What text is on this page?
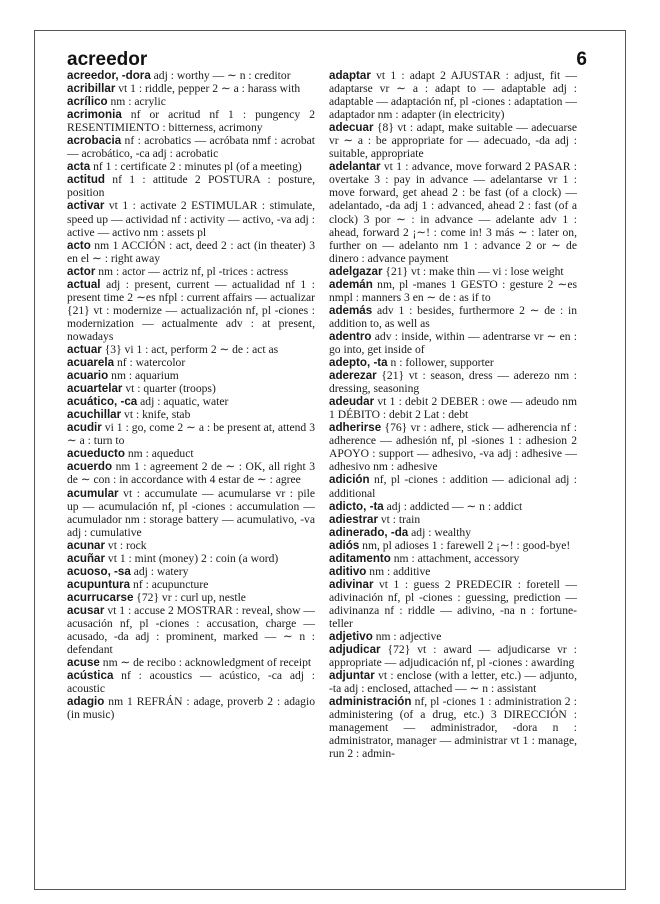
acreedor	6

acreedor, -dora adj : worthy — ∼ n : creditor

acribillar vt 1 : riddle, pepper 2 ∼ a : harass with

acrílico nm : acrylic

acrimonia nf or acritud nf 1 : pungency 2 RESENTIMIENTO : bitterness, acrimony

acrobacia nf : acrobatics — acróbata nmf : acrobat — acrobático, -ca adj : acrobatic

acta nf 1 : certificate 2 : minutes pl (of a meeting)

actitud nf 1 : attitude 2 POSTURA : posture, position

activar vt 1 : activate 2 ESTIMULAR : stimulate, speed up — actividad nf : activity — activo, -va adj : active — activo nm : assets pl

acto nm 1 ACCIÓN : act, deed 2 : act (in theater) 3 en el ∼ : right away

actor nm : actor — actriz nf, pl -trices : actress

actual adj : present, current — actualidad nf 1 : present time 2 ∼es nfpl : current affairs — actualizar {21} vt : modernize — actualización nf, pl -ciones : modernization — actualmente adv : at present, nowadays

actuar {3} vi 1 : act, perform 2 ∼ de : act as

acuarela nf : watercolor

acuario nm : aquarium

acuartelar vt : quarter (troops)

acuático, -ca adj : aquatic, water

acuchillar vt : knife, stab

acudir vi 1 : go, come 2 ∼ a : be present at, attend 3 ∼ a : turn to

acueducto nm : aqueduct

acuerdo nm 1 : agreement 2 de ∼ : OK, all right 3 de ∼ con : in accordance with 4 estar de ∼ : agree

acumular vt : accumulate — acumularse vr : pile up — acumulación nf, pl -ciones : accumulation — acumulador nm : storage battery — acumulativo, -va adj : cumulative

acunar vt : rock

acuñar vt 1 : mint (money) 2 : coin (a word)

acuoso, -sa adj : watery

acupuntura nf : acupuncture

acurrucarse {72} vr : curl up, nestle

acusar vt 1 : accuse 2 MOSTRAR : reveal, show — acusación nf, pl -ciones : accusation, charge — acusado, -da adj : prominent, marked — ∼ n : defendant

acuse nm ∼ de recibo : acknowledgment of receipt

acústica nf : acoustics — acústico, -ca adj : acoustic

adagio nm 1 REFRÁN : adage, proverb 2 : adagio (in music)

adaptar vt 1 : adapt 2 AJUSTAR : adjust, fit — adaptarse vr ∼ a : adapt to — adaptable adj : adaptable — adaptación nf, pl -ciones : adaptation — adaptador nm : adapter (in electricity)

adecuar {8} vt : adapt, make suitable — adecuarse vr ∼ a : be appropriate for — adecuado, -da adj : suitable, appropriate

adelantar vt 1 : advance, move forward 2 PASAR : overtake 3 : pay in advance — adelantarse vr 1 : move forward, get ahead 2 : be fast (of a clock) — adelantado, -da adj 1 : advanced, ahead 2 : fast (of a clock) 3 por ∼ : in advance — adelante adv 1 : ahead, forward 2 ¡∼! : come in! 3 más ∼ : later on, further on — adelanto nm 1 : advance 2 or ∼ de dinero : advance payment

adelgazar {21} vt : make thin — vi : lose weight

ademán nm, pl -manes 1 GESTO : gesture 2 ∼es nmpl : manners 3 en ∼ de : as if to

además adv 1 : besides, furthermore 2 ∼ de : in addition to, as well as

adentro adv : inside, within — adentrarse vr ∼ en : go into, get inside of

adepto, -ta n : follower, supporter

aderezar {21} vt : season, dress — aderezo nm : dressing, seasoning

adeudar vt 1 : debit 2 DEBER : owe — adeudo nm 1 DÉBITO : debit 2 Lat : debt

adherirse {76} vr : adhere, stick — adherencia nf : adherence — adhesión nf, pl -siones 1 : adhesion 2 APOYO : support — adhesivo, -va adj : adhesive — adhesivo nm : adhesive

adición nf, pl -ciones : addition — adicional adj : additional

adicto, -ta adj : addicted — ∼ n : addict

adiestrar vt : train

adinerado, -da adj : wealthy

adiós nm, pl adioses 1 : farewell 2 ¡∼! : good-bye!

aditamento nm : attachment, accessory

aditivo nm : additive

adivinar vt 1 : guess 2 PREDECIR : foretell — adivinación nf, pl -ciones : guessing, prediction — adivinanza nf : riddle — adivino, -na n : fortune-teller

adjetivo nm : adjective

adjudicar {72} vt : award — adjudicarse vr : appropriate — adjudicación nf, pl -ciones : awarding

adjuntar vt : enclose (with a letter, etc.) — adjunto, -ta adj : enclosed, attached — ∼ n : assistant

administración nf, pl -ciones 1 : administration 2 : administering (of a drug, etc.) 3 DIRECCIÓN : management — administrador, -dora n : administrator, manager — administrar vt 1 : manage, run 2 : admin-
